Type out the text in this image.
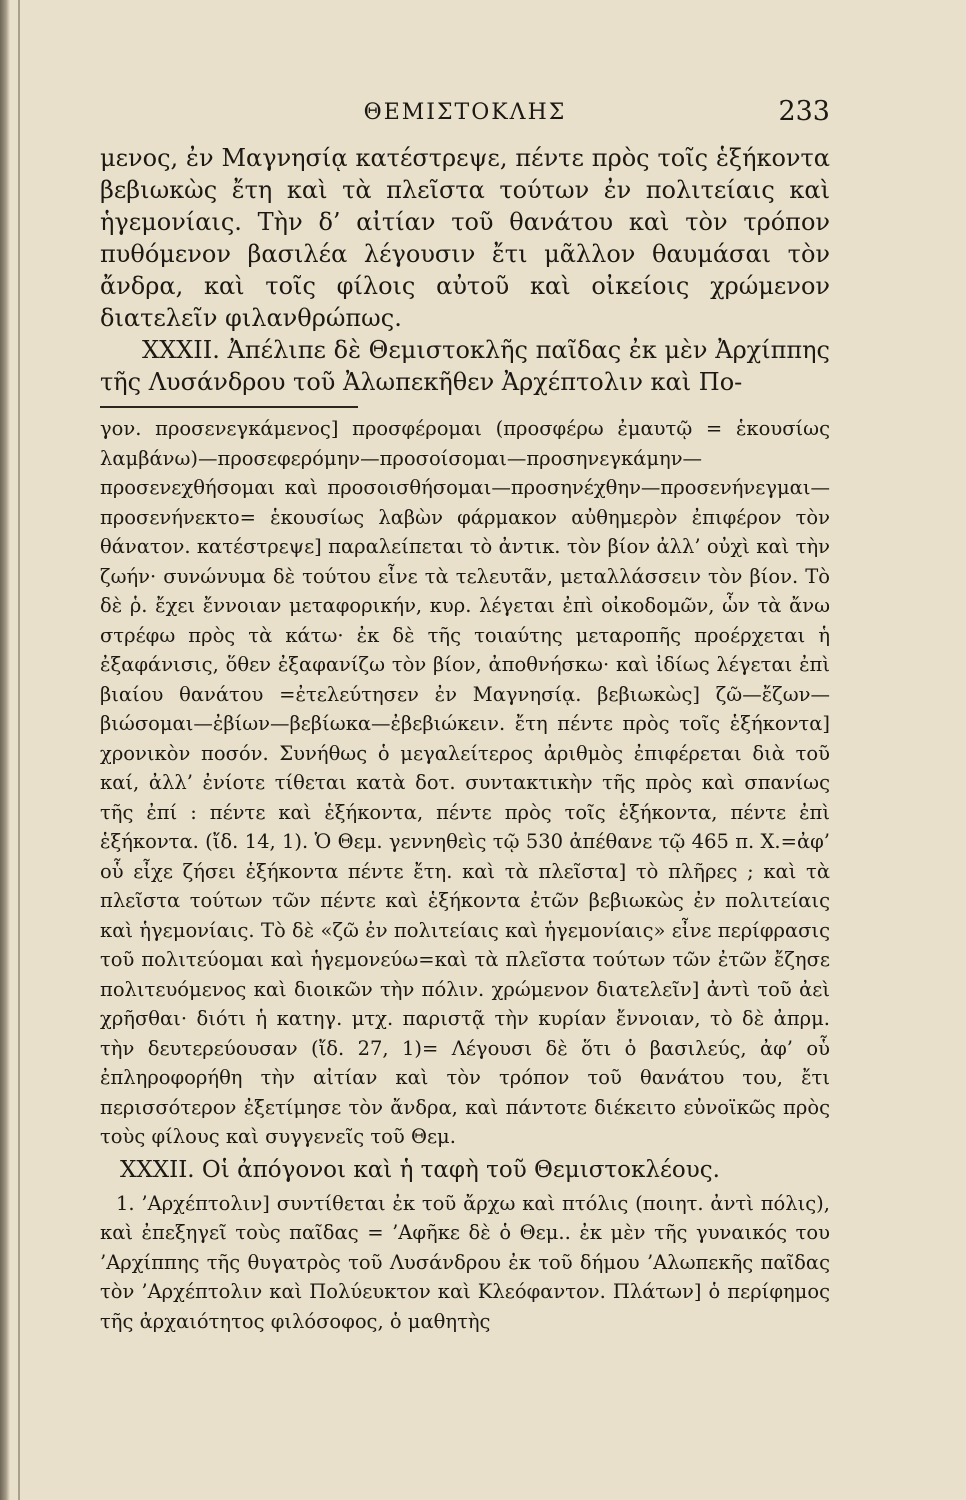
ΘΕΜΙΣΤΟΚΛΗΣ	233

μενος, ἐν Μαγνησίᾳ κατέστρεψε, πέντε πρὸς τοῖς ἑξήκοντα βεβιωκὼς ἔτη καὶ τὰ πλεῖστα τούτων ἐν πολιτείαις καὶ ἡγεμονίαις. Τὴν δ’ αἰτίαν τοῦ θανάτου καὶ τὸν τρόπον πυθόμενον βασιλέα λέγουσιν ἔτι μᾶλλον θαυμάσαι τὸν ἄνδρα, καὶ τοῖς φίλοις αὐτοῦ καὶ οἰκείοις χρώμενον διατελεῖν φιλανθρώπως.

XXXII. Ἀπέλιπε δὲ Θεμιστοκλῆς παῖδας ἐκ μὲν Ἀρχίππης τῆς Λυσάνδρου τοῦ Ἀλωπεκῆθεν Ἀρχέπτολιν καὶ Πο-

γον. προσενεγκάμενος] προσφέρομαι (προσφέρω ἐμαυτῷ = ἑκουσίως λαμβάνω)—προσεφερόμην—προσοίσομαι—προσηνεγκάμην— προσενεχθήσομαι καὶ προσοισθήσομαι—προσηνέχθην—προσενήνεγμαι—προσενήνεκτο= ἑκουσίως λαβὼν φάρμακον αὐθημερὸν ἐπιφέρον τὸν θάνατον. κατέστρεψε] παραλείπεται τὸ ἀντικ. τὸν βίον ἀλλ’ οὐχὶ καὶ τὴν ζωήν· συνώνυμα δὲ τούτου εἶνε τὰ τελευτᾶν, μεταλλάσσειν τὸν βίον. Τὸ δὲ ῥ. ἔχει ἔννοιαν μεταφορικήν, κυρ. λέγεται ἐπὶ οἰκοδομῶν, ὧν τὰ ἄνω στρέφω πρὸς τὰ κάτω· ἐκ δὲ τῆς τοιαύτης μεταροπῆς προέρχεται ἡ ἐξαφάνισις, ὅθεν ἐξαφανίζω τὸν βίον, ἀποθνήσκω· καὶ ἰδίως λέγεται ἐπὶ βιαίου θανάτου =ἐτελεύτησεν ἐν Μαγνησίᾳ. βεβιωκὼς] ζῶ—ἔζων—βιώσομαι—ἐβίων—βεβίωκα—ἐβεβιώκειν. ἔτη πέντε πρὸς τοῖς ἑξήκοντα] χρονικὸν ποσόν. Συνήθως ὁ μεγαλείτερος ἀριθμὸς ἐπιφέρεται διὰ τοῦ καί, ἀλλ’ ἐνίοτε τίθεται κατὰ δοτ. συντακτικὴν τῆς πρὸς καὶ σπανίως τῆς ἐπί : πέντε καὶ ἑξήκοντα, πέντε πρὸς τοῖς ἑξήκοντα, πέντε ἐπὶ ἑξήκοντα. (ἴδ. 14, 1). Ὁ Θεμ. γεννηθεὶς τῷ 530 ἀπέθανε τῷ 465 π. Χ.=ἀφ’ οὗ εἶχε ζήσει ἑξήκοντα πέντε ἔτη. καὶ τὰ πλεῖστα] τὸ πλῆρες ; καὶ τὰ πλεῖστα τούτων τῶν πέντε καὶ ἑξήκοντα ἐτῶν βεβιωκὼς ἐν πολιτείαις καὶ ἡγεμονίαις. Τὸ δὲ «ζῶ ἐν πολιτείαις καὶ ἡγεμονίαις» εἶνε περίφρασις τοῦ πολιτεύομαι καὶ ἡγεμονεύω=καὶ τὰ πλεῖστα τούτων τῶν ἐτῶν ἔζησε πολιτευόμενος καὶ διοικῶν τὴν πόλιν. χρώμενον διατελεῖν] ἀντὶ τοῦ ἀεὶ χρῆσθαι· διότι ἡ κατηγ. μτχ. παριστᾷ τὴν κυρίαν ἔννοιαν, τὸ δὲ ἀπρμ. τὴν δευτερεύουσαν (ἴδ. 27, 1)= Λέγουσι δὲ ὅτι ὁ βασιλεύς, ἀφ’ οὗ ἐπληροφορήθη τὴν αἰτίαν καὶ τὸν τρόπον τοῦ θανάτου του, ἔτι περισσότερον ἐξετίμησε τὸν ἄνδρα, καὶ πάντοτε διέκειτο εὐνοϊκῶς πρὸς τοὺς φίλους καὶ συγγενεῖς τοῦ Θεμ.

XXXII. Οἱ ἀπόγονοι καὶ ἡ ταφὴ τοῦ Θεμιστοκλέους.

1. ’Αρχέπτολιν] συντίθεται ἐκ τοῦ ἄρχω καὶ πτόλις (ποιητ. ἀντὶ πόλις), καὶ ἐπεξηγεῖ τοὺς παῖδας = ’Αφῆκε δὲ ὁ Θεμ.. ἐκ μὲν τῆς γυναικός του ’Αρχίππης τῆς θυγατρὸς τοῦ Λυσάνδρου ἐκ τοῦ δήμου ’Αλωπεκῆς παῖδας τὸν ’Αρχέπτολιν καὶ Πολύευκτον καὶ Κλεόφαντον. Πλάτων] ὁ περίφημος τῆς ἀρχαιότητος φιλόσοφος, ὁ μαθητὴς
